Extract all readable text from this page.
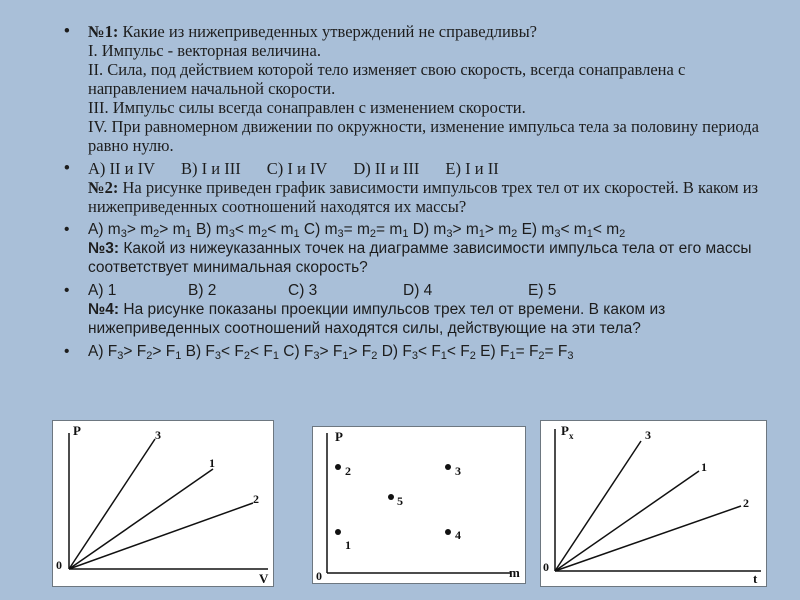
• №1: Какие из нижеприведенных утверждений не справедливы?
I. Импульс - векторная величина.
II. Сила, под действием которой тело изменяет свою скорость, всегда сонаправлена с направлением начальной скорости.
III. Импульс силы всегда сонаправлен с изменением скорости.
IV. При равномерном движении по окружности, изменение импульса тела за половину периода равно нулю.
• A) II и IV B) I и III C) I и IV D) II и III E) I и II
№2: На рисунке приведен график зависимости импульсов трех тел от их скоростей. В каком из нижеприведенных соотношений находятся их массы?
• A) $m_3> m_2> m_1$ B) $m_3< m_2< m_1$ C) $m_3= m_2= m_1$ D) $m_3> m_1> m_2$ E) $m_3< m_1< m_2$
№3: Какой из нижеуказанных точек на диаграмме зависимости импульса тела от его массы соответствует минимальная скорость?
• A) 1	B) 2	C) 3	D) 4	E) 5
№4: На рисунке показаны проекции импульсов трех тел от времени. В каком из нижеприведенных соотношений находятся силы, действующие на эти тела?
• A) $F_3> F_2> F_1$ B) $F_3< F_2< F_1$ C) $F_3> F_1> F_2$ D) $F_3< F_1< F_2$ E) $F_1= F_2= F_3$
P
V
0
3
1
2
P
m
0
2	3
5
1
4
$P_x$
t
0
3
1
2
